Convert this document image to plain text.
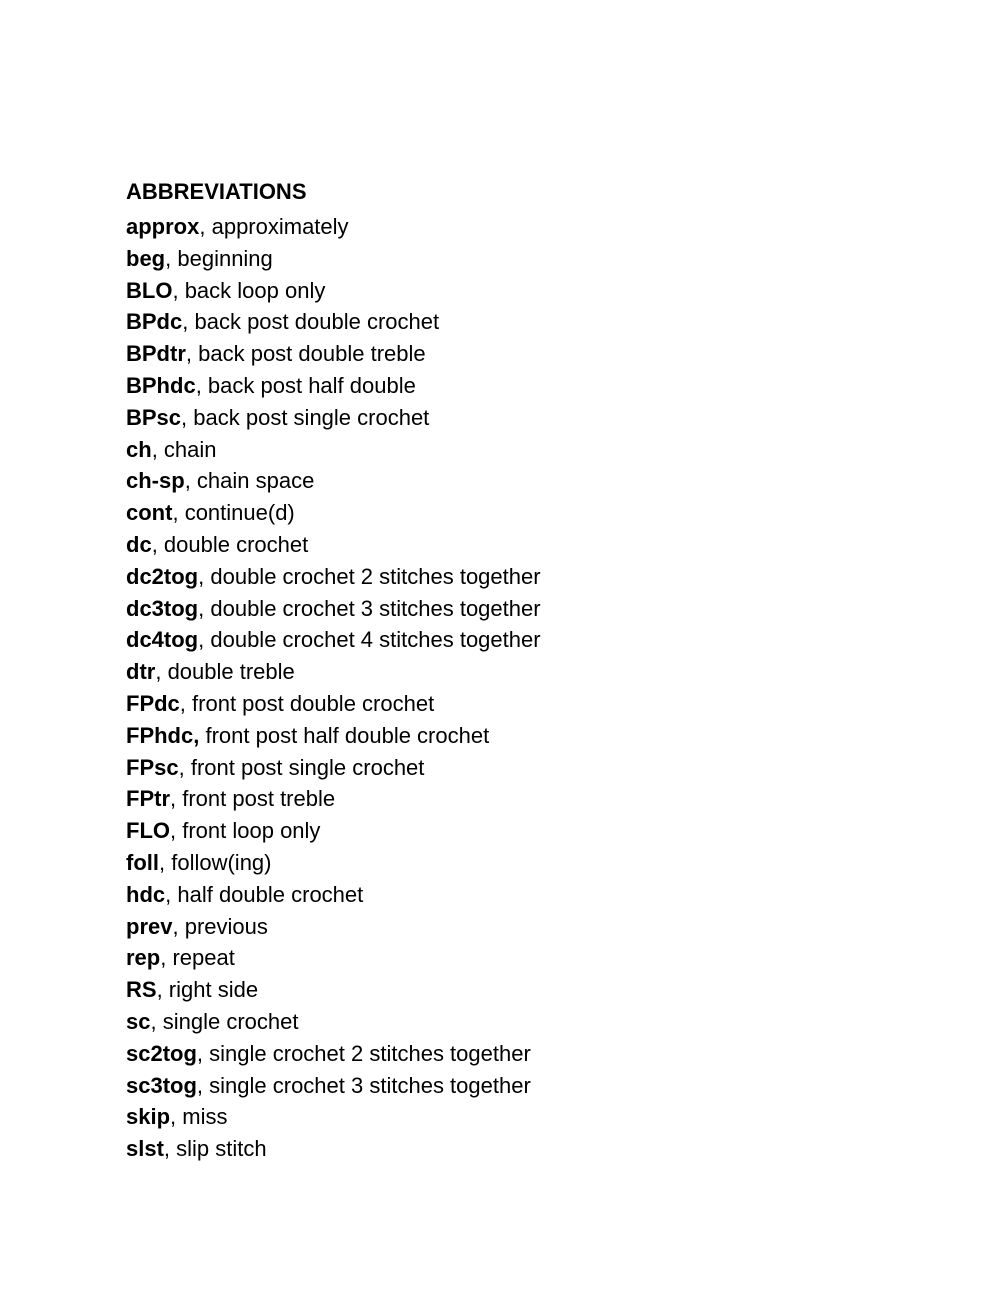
ABBREVIATIONS
approx, approximately
beg, beginning
BLO, back loop only
BPdc, back post double crochet
BPdtr, back post double treble
BPhdc, back post half double
BPsc, back post single crochet
ch, chain
ch-sp, chain space
cont, continue(d)
dc, double crochet
dc2tog, double crochet 2 stitches together
dc3tog, double crochet 3 stitches together
dc4tog, double crochet 4 stitches together
dtr, double treble
FPdc, front post double crochet
FPhdc, front post half double crochet
FPsc, front post single crochet
FPtr, front post treble
FLO, front loop only
foll, follow(ing)
hdc, half double crochet
prev, previous
rep, repeat
RS, right side
sc, single crochet
sc2tog, single crochet 2 stitches together
sc3tog, single crochet 3 stitches together
skip, miss
slst, slip stitch
